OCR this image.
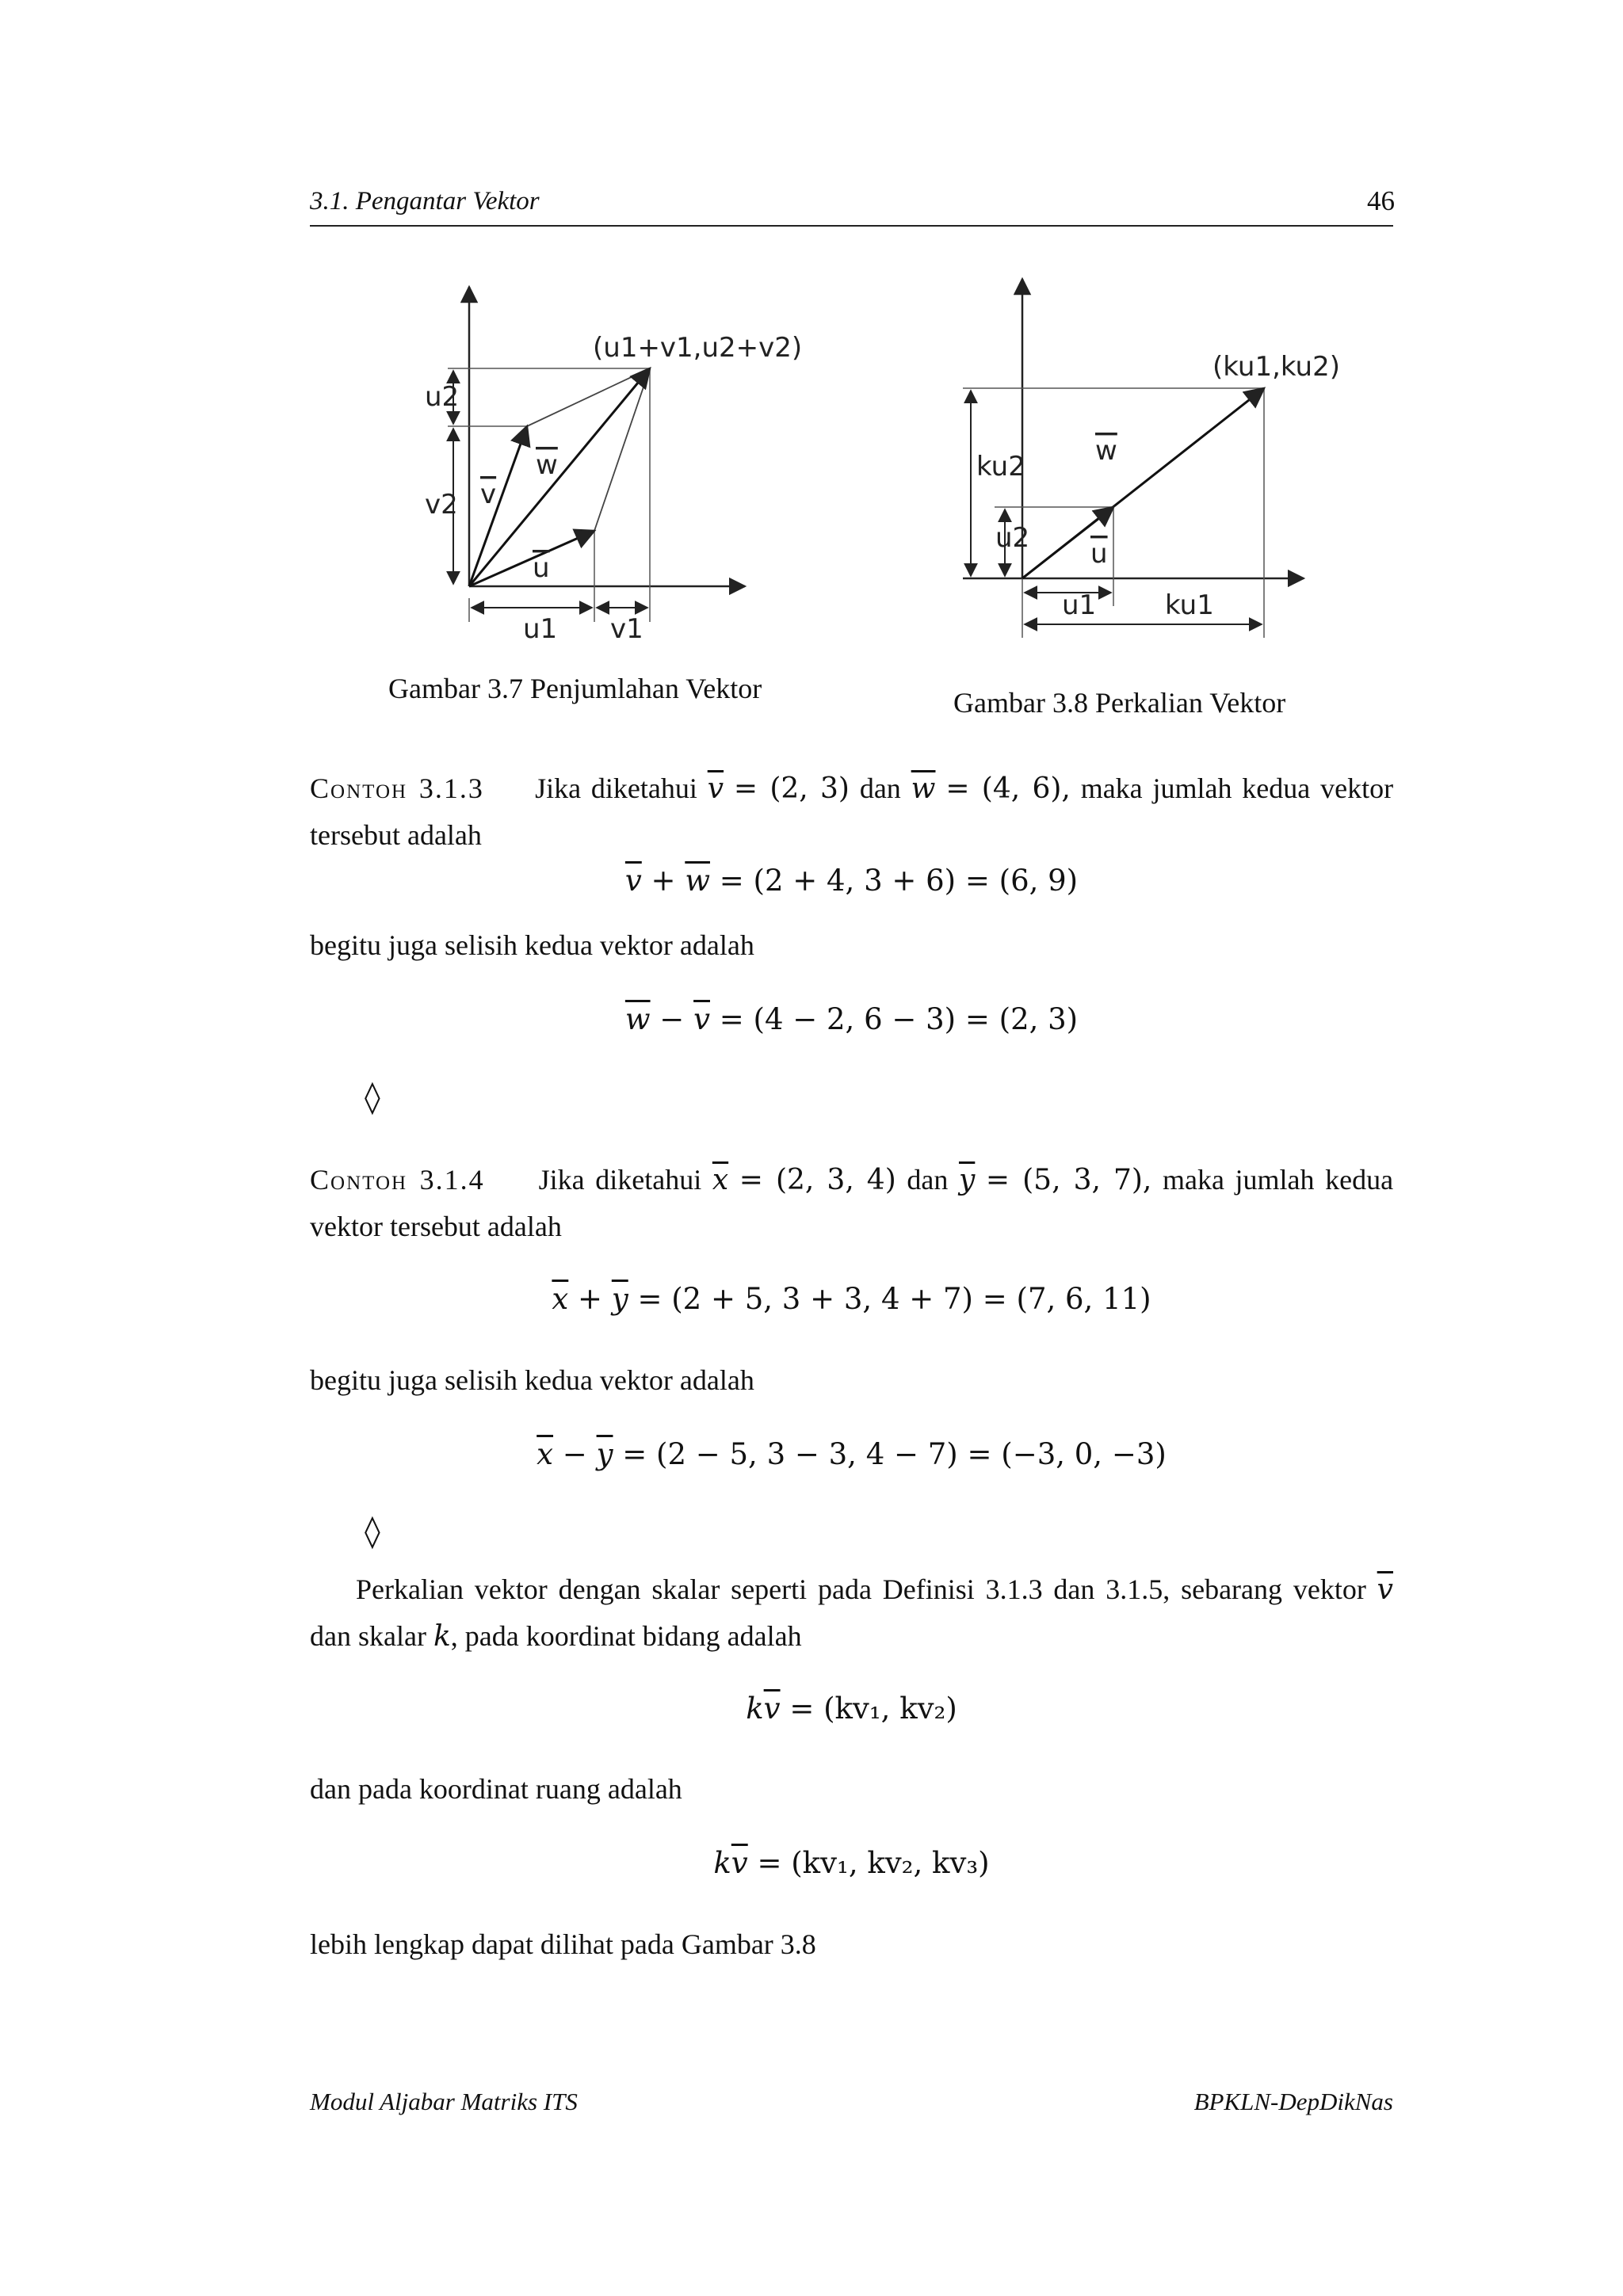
3.1. Pengantar Vektor	46
(u1+v1,u2+v2)
u2
v2
u1 v1
v
w
u
Gambar 3.7 Penjumlahan Vektor
(ku1,ku2)
ku2
u2
u1	ku1
w
u
Gambar 3.8 Perkalian Vektor
Contoh 3.1.3 Jika diketahui $\overline{v} = (2$, 3) dan $\overline{w} = (4$, 6), maka jumlah kedua vektor tersebut adalah
$\overline{v} + \overline{w} = (2 + 4$, 3 + 6) = (6, 9)
begitu juga selisih kedua vektor adalah
$\overline{w} - \overline{v} = (4 - 2$, 6 − 3) = (2, 3)
◊
Contoh 3.1.4 Jika diketahui $\overline{x} = (2$, 3, 4) dan $\overline{y} = (5$, 3, 7), maka jumlah kedua vektor tersebut adalah
$\overline{x} + \overline{y} = (2 + 5$, 3 + 3, 4 + 7) = (7, 6, 11)
begitu juga selisih kedua vektor adalah
$\overline{x} - \overline{y} = (2 - 5$, 3 − 3, 4 − 7) = (−3, 0, −3)
◊
Perkalian vektor dengan skalar seperti pada Definisi 3.1.3 dan 3.1.5, sebarang vektor $\overline{v}$ dan skalar k, pada koordinat bidang adalah
$k\overline{v} = (kv_1$, kv₂)
dan pada koordinat ruang adalah
$k\overline{v} = (kv_1$, kv₂, kv₃)
lebih lengkap dapat dilihat pada Gambar 3.8
Modul Aljabar Matriks ITS	BPKLN-DepDikNas
